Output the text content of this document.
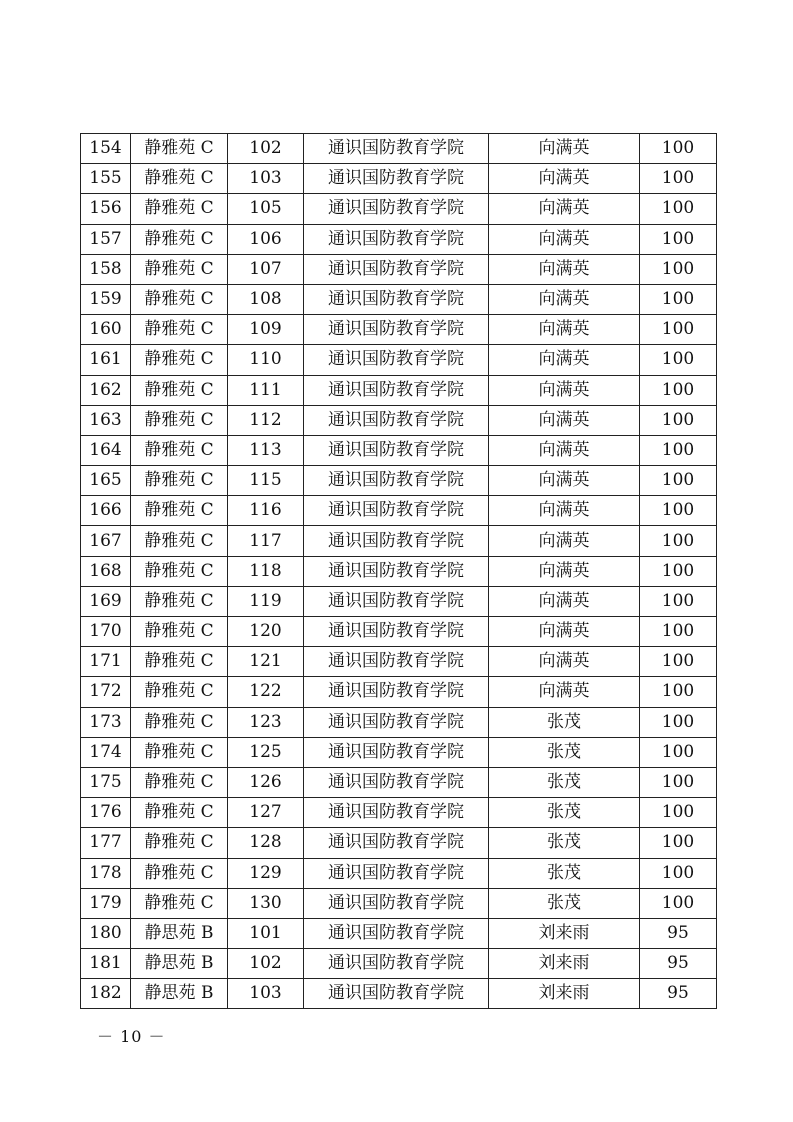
154	静雅苑 C	102	通识国防教育学院	向满英	100
155	静雅苑 C	103	通识国防教育学院	向满英	100
156	静雅苑 C	105	通识国防教育学院	向满英	100
157	静雅苑 C	106	通识国防教育学院	向满英	100
158	静雅苑 C	107	通识国防教育学院	向满英	100
159	静雅苑 C	108	通识国防教育学院	向满英	100
160	静雅苑 C	109	通识国防教育学院	向满英	100
161	静雅苑 C	110	通识国防教育学院	向满英	100
162	静雅苑 C	111	通识国防教育学院	向满英	100
163	静雅苑 C	112	通识国防教育学院	向满英	100
164	静雅苑 C	113	通识国防教育学院	向满英	100
165	静雅苑 C	115	通识国防教育学院	向满英	100
166	静雅苑 C	116	通识国防教育学院	向满英	100
167	静雅苑 C	117	通识国防教育学院	向满英	100
168	静雅苑 C	118	通识国防教育学院	向满英	100
169	静雅苑 C	119	通识国防教育学院	向满英	100
170	静雅苑 C	120	通识国防教育学院	向满英	100
171	静雅苑 C	121	通识国防教育学院	向满英	100
172	静雅苑 C	122	通识国防教育学院	向满英	100
173	静雅苑 C	123	通识国防教育学院	张茂	100
174	静雅苑 C	125	通识国防教育学院	张茂	100
175	静雅苑 C	126	通识国防教育学院	张茂	100
176	静雅苑 C	127	通识国防教育学院	张茂	100
177	静雅苑 C	128	通识国防教育学院	张茂	100
178	静雅苑 C	129	通识国防教育学院	张茂	100
179	静雅苑 C	130	通识国防教育学院	张茂	100
180	静思苑 B	101	通识国防教育学院	刘来雨	95
181	静思苑 B	102	通识国防教育学院	刘来雨	95
182	静思苑 B	103	通识国防教育学院	刘来雨	95
－ 10 －
